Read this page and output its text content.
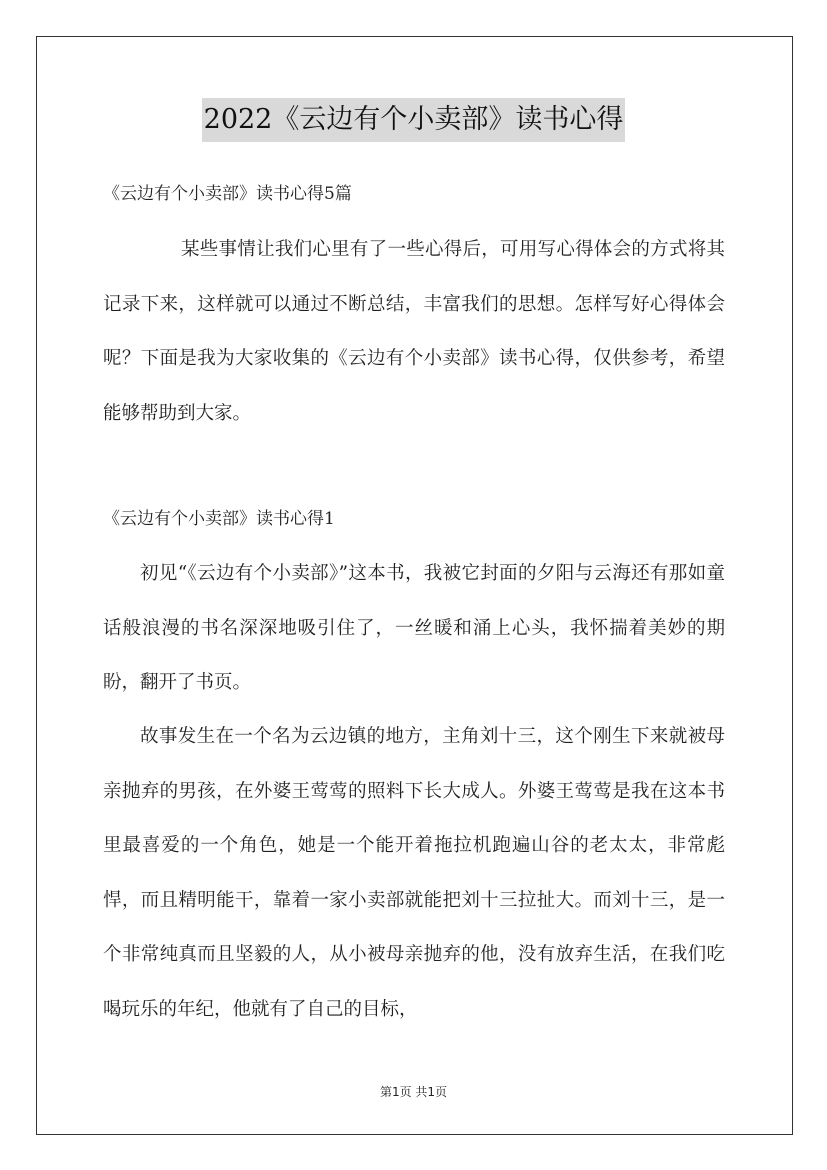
2022《云边有个小卖部》读书心得
《云边有个小卖部》读书心得5篇

某些事情让我们心里有了一些心得后，可用写心得体会的方式将其记录下来，这样就可以通过不断总结，丰富我们的思想。怎样写好心得体会呢？下面是我为大家收集的《云边有个小卖部》读书心得，仅供参考，希望能够帮助到大家。

《云边有个小卖部》读书心得1

初见“《云边有个小卖部》”这本书，我被它封面的夕阳与云海还有那如童话般浪漫的书名深深地吸引住了，一丝暖和涌上心头，我怀揣着美妙的期盼，翻开了书页。

故事发生在一个名为云边镇的地方，主角刘十三，这个刚生下来就被母亲抛弃的男孩，在外婆王莺莺的照料下长大成人。外婆王莺莺是我在这本书里最喜爱的一个角色，她是一个能开着拖拉机跑遍山谷的老太太，非常彪悍，而且精明能干，靠着一家小卖部就能把刘十三拉扯大。而刘十三，是一个非常纯真而且坚毅的人，从小被母亲抛弃的他，没有放弃生活，在我们吃喝玩乐的年纪，他就有了自己的目标，

第1页 共1页
